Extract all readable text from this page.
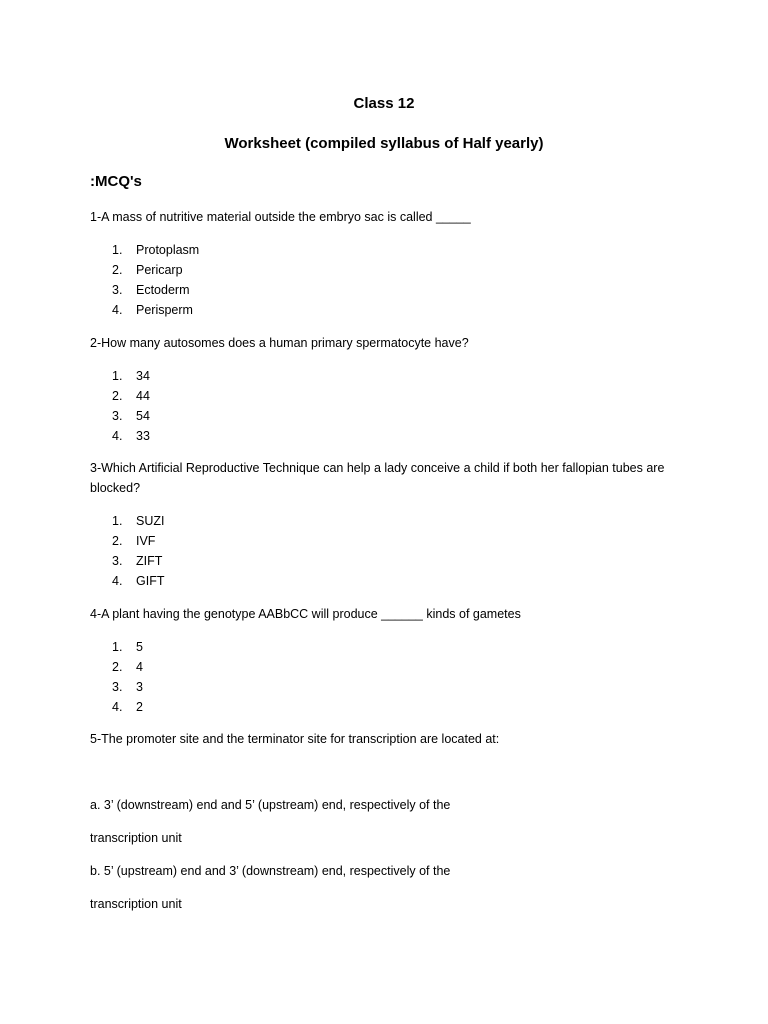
Class 12
Worksheet (compiled syllabus of Half yearly)
:MCQ's
1-A mass of nutritive material outside the embryo sac is called _____
1. Protoplasm
2. Pericarp
3. Ectoderm
4. Perisperm
2-How many autosomes does a human primary spermatocyte have?
1. 34
2. 44
3. 54
4. 33
3-Which Artificial Reproductive Technique can help a lady conceive a child if both her fallopian tubes are blocked?
1. SUZI
2. IVF
3. ZIFT
4. GIFT
4-A plant having the genotype AABbCC will produce ______ kinds of gametes
1. 5
2. 4
3. 3
4. 2
5-The promoter site and the terminator site for transcription are located at:
a. 3’ (downstream) end and 5’ (upstream) end, respectively of the
transcription unit
b. 5’ (upstream) end and 3’ (downstream) end, respectively of the
transcription unit
